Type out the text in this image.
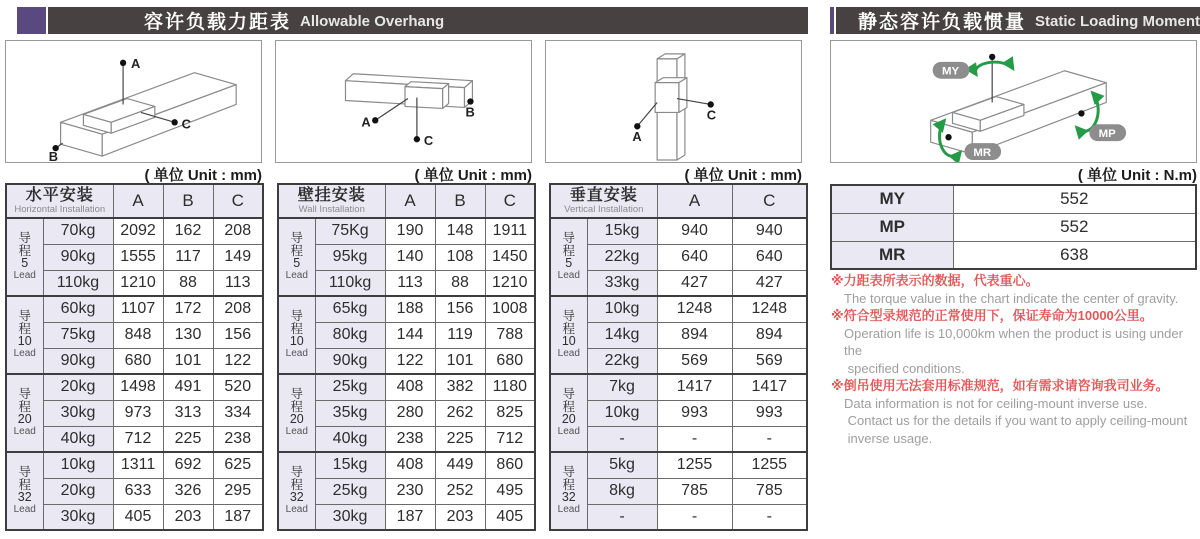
容许负载力距表 Allowable Overhang
A
B
C	A
B
C	A
C
( 单位 Unit : mm)	( 单位 Unit : mm)	( 单位 Unit : mm)
水平安装
Horizontal Installation		A	B	C

导
程
5
Lead	70kg	2092	162	208
	90kg	1555	117	149
	110kg	1210	88	113

导
程
10
Lead	60kg	1107	172	208
	75kg	848	130	156
	90kg	680	101	122

导
程
20
Lead	20kg	1498	491	520
	30kg	973	313	334
	40kg	712	225	238

导
程
32
Lead	10kg	1311	692	625
	20kg	633	326	295
	30kg	405	203	187
壁挂安装
Wall Installation		A	B	C

导
程
5
Lead	75Kg	190	148	1911
	95kg	140	108	1450
	110kg	113	88	1210

导
程
10
Lead	65kg	188	156	1008
	80kg	144	119	788
	90kg	122	101	680

导
程
20
Lead	25kg	408	382	1180
	35kg	280	262	825
	40kg	238	225	712

导
程
32
Lead	15kg	408	449	860
	25kg	230	252	495
	30kg	187	203	405
垂直安装
Vertical Installation		A	C

导
程
5
Lead	15kg	940	940
	22kg	640	640
	33kg	427	427

导
程
10
Lead	10kg	1248	1248
	14kg	894	894
	22kg	569	569

导
程
20
Lead	7kg	1417	1417
	10kg	993	993
	-	-	-

导
程
32
Lead	5kg	1255	1255
	8kg	785	785
	-	-	-
静态容许负载惯量 Static Loading Moment
MY
MP
MR
( 单位 Unit : N.m)
MY	552
MP	552
MR	638
※力距表所表示的数据，代表重心。
The torque value in the chart indicate the center of gravity.
※符合型录规范的正常使用下，保证寿命为10000公里。
Operation life is 10,000km when the product is using under the
specified conditions.
※倒吊使用无法套用标准规范，如有需求请咨询我司业务。
Data information is not for ceiling-mount inverse use.
Contact us for the details if you want to apply ceiling-mount
inverse usage.
